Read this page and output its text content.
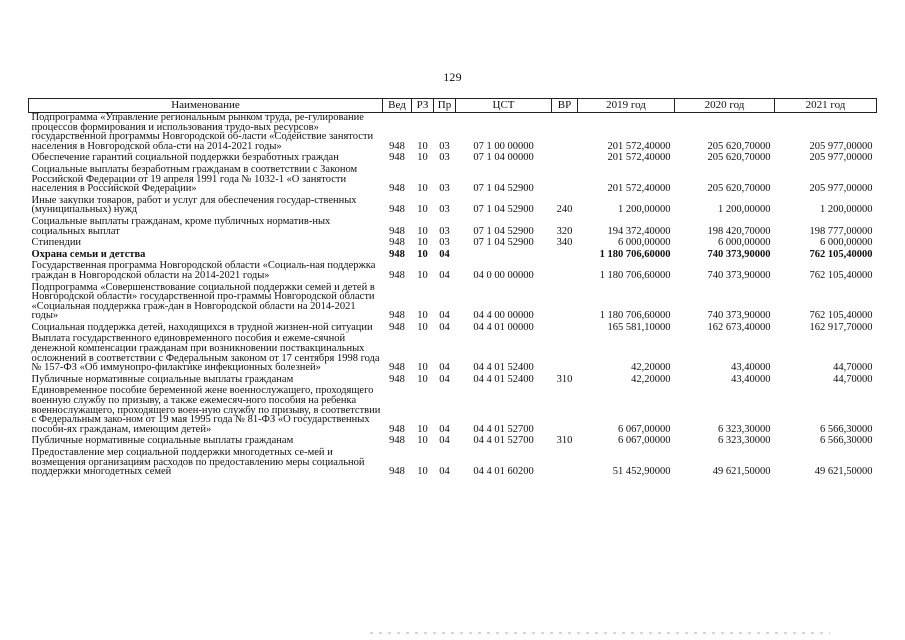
129
Наименование	Вед	РЗ	Пр	ЦСТ	ВР	2019 год	2020 год	2021 год
Подпрограмма «Управление региональным рынком труда, ре-гулирование процессов формирования и использования трудо-вых ресурсов» государственной программы Новгородской об-ласти «Содействие занятости населения в Новгородской обла-сти на 2014-2021 годы»	948	10	03	07 1 00 00000		201 572,40000	205 620,70000	205 977,00000
Обеспечение гарантий социальной поддержки безработных граждан	948	10	03	07 1 04 00000		201 572,40000	205 620,70000	205 977,00000
Социальные выплаты безработным гражданам в соответствии с Законом Российской Федерации от 19 апреля 1991 года № 1032-1 «О занятости населения в Российской Федерации»	948	10	03	07 1 04 52900		201 572,40000	205 620,70000	205 977,00000
Иные закупки товаров, работ и услуг для обеспечения государ-ственных (муниципальных) нужд	948	10	03	07 1 04 52900	240	1 200,00000	1 200,00000	1 200,00000
Социальные выплаты гражданам, кроме публичных норматив-ных социальных выплат	948	10	03	07 1 04 52900	320	194 372,40000	198 420,70000	198 777,00000
Стипендии	948	10	03	07 1 04 52900	340	6 000,00000	6 000,00000	6 000,00000
Охрана семьи и детства	948	10	04			1 180 706,60000	740 373,90000	762 105,40000
Государственная программа Новгородской области «Социаль-ная поддержка граждан в Новгородской области на 2014-2021 годы»	948	10	04	04 0 00 00000		1 180 706,60000	740 373,90000	762 105,40000
Подпрограмма «Совершенствование социальной поддержки семей и детей в Новгородской области» государственной про-граммы Новгородской области «Социальная поддержка граж-дан в Новгородской области на 2014-2021 годы»	948	10	04	04 4 00 00000		1 180 706,60000	740 373,90000	762 105,40000
Социальная поддержка детей, находящихся в трудной жизнен-ной ситуации	948	10	04	04 4 01 00000		165 581,10000	162 673,40000	162 917,70000
Выплата государственного единовременного пособия и ежеме-сячной денежной компенсации гражданам при возникновении поствакцинальных осложнений в соответствии с Федеральным законом от 17 сентября 1998 года № 157-ФЗ «Об иммунопро-филактике инфекционных болезней»	948	10	04	04 4 01 52400		42,20000	43,40000	44,70000
Публичные нормативные социальные выплаты гражданам	948	10	04	04 4 01 52400	310	42,20000	43,40000	44,70000
Единовременное пособие беременной жене военнослужащего, проходящего военную службу по призыву, а также ежемесяч-ного пособия на ребенка военнослужащего, проходящего воен-ную службу по призыву, в соответствии с Федеральным зако-ном от 19 мая 1995 года № 81-ФЗ «О государственных пособи-ях гражданам, имеющим детей»	948	10	04	04 4 01 52700		6 067,00000	6 323,30000	6 566,30000
Публичные нормативные социальные выплаты гражданам	948	10	04	04 4 01 52700	310	6 067,00000	6 323,30000	6 566,30000
Предоставление мер социальной поддержки многодетных се-мей и возмещения организациям расходов по предоставлению меры социальной поддержки многодетных семей	948	10	04	04 4 01 60200		51 452,90000	49 621,50000	49 621,50000
